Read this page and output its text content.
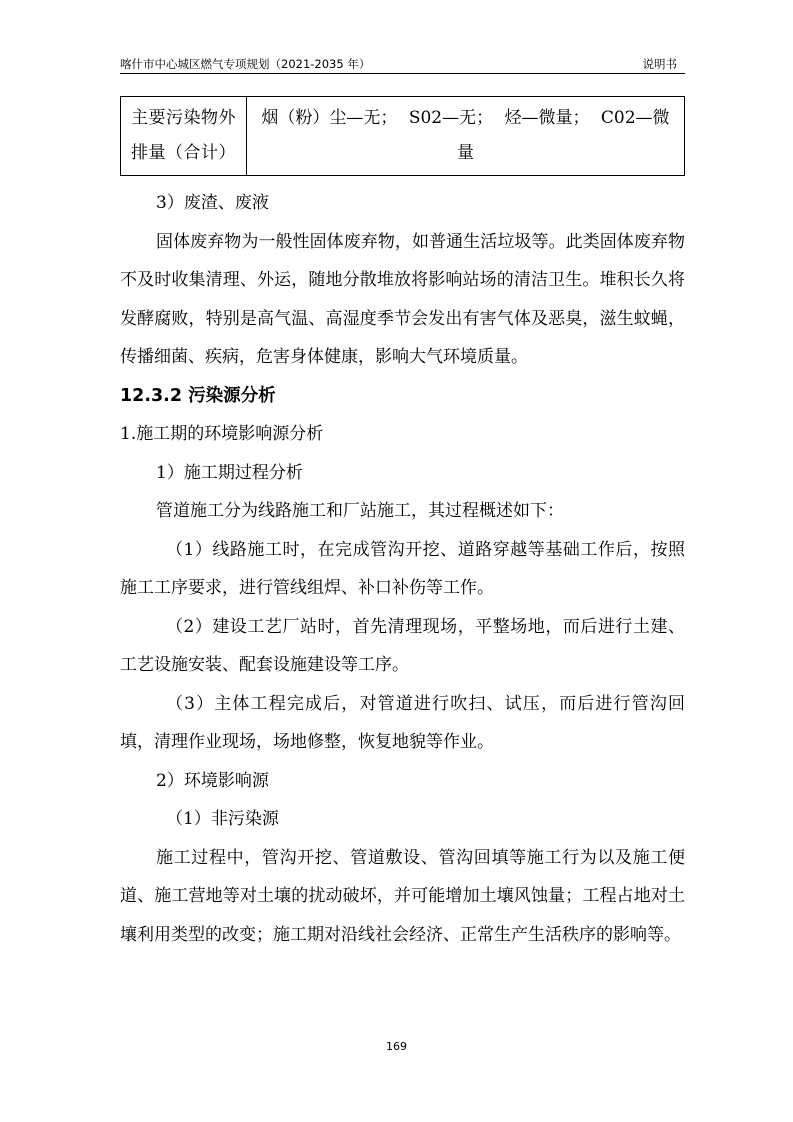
喀什市中心城区燃气专项规划（2021-2035 年）	说明书
主要污染物外
排量（合计）
	烟（粉）尘—无； S02—无； 烃—微量； C02—微量

3）废渣、废液

固体废弃物为一般性固体废弃物，如普通生活垃圾等。此类固体废弃物不及时收集清理、外运，随地分散堆放将影响站场的清洁卫生。堆积长久将发酵腐败，特别是高气温、高湿度季节会发出有害气体及恶臭，滋生蚊蝇，传播细菌、疾病，危害身体健康，影响大气环境质量。

12.3.2 污染源分析

1.施工期的环境影响源分析

1）施工期过程分析

管道施工分为线路施工和厂站施工，其过程概述如下：

（1）线路施工时，在完成管沟开挖、道路穿越等基础工作后，按照施工工序要求，进行管线组焊、补口补伤等工作。

（2）建设工艺厂站时，首先清理现场，平整场地，而后进行土建、工艺设施安装、配套设施建设等工序。

（3）主体工程完成后，对管道进行吹扫、试压，而后进行管沟回填，清理作业现场，场地修整，恢复地貌等作业。

2）环境影响源

（1）非污染源

施工过程中，管沟开挖、管道敷设、管沟回填等施工行为以及施工便道、施工营地等对土壤的扰动破坏，并可能增加土壤风蚀量；工程占地对土壤利用类型的改变；施工期对沿线社会经济、正常生产生活秩序的影响等。

169
